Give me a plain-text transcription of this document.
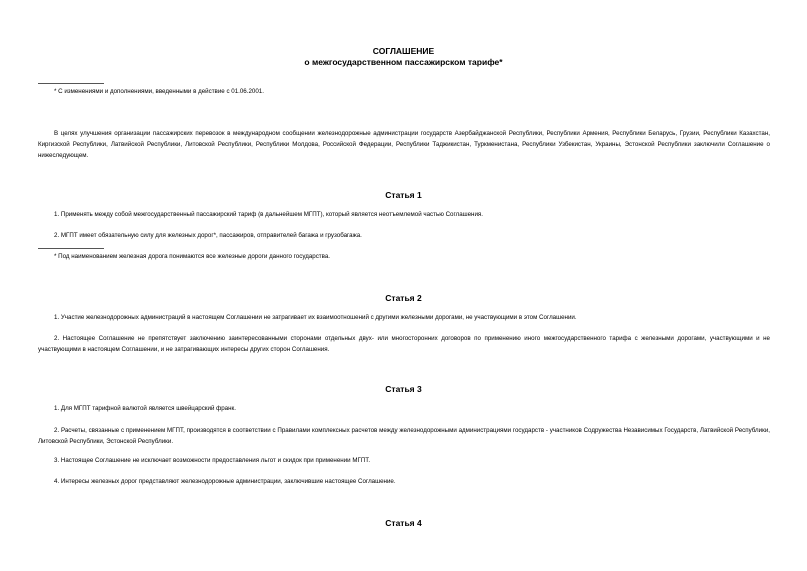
СОГЛАШЕНИЕ
о межгосударственном пассажирском тарифе*
* С изменениями и дополнениями, введенными в действие с 01.06.2001.
В целях улучшения организации пассажирских перевозок в международном сообщении железнодорожные администрации государств Азербайджанской Республики, Республики Армения, Республики Беларусь, Грузии, Республики Казахстан, Киргизской Республики, Латвийской Республики, Литовской Республики, Республики Молдова, Российской Федерации, Республики Таджикистан, Туркменистана, Республики Узбекистан, Украины, Эстонской Республики заключили Соглашение о нижеследующем.
Статья 1
1. Применять между собой межгосударственный пассажирский тариф (в дальнейшем МГПТ), который является неотъемлемой частью Соглашения.
2. МГПТ имеет обязательную силу для железных дорог*, пассажиров, отправителей багажа и грузобагажа.
* Под наименованием железная дорога понимаются все железные дороги данного государства.
Статья 2
1. Участие железнодорожных администраций в настоящем Соглашении не затрагивает их взаимоотношений с другими железными дорогами, не участвующими в этом Соглашении.
2. Настоящее Соглашение не препятствует заключению заинтересованными сторонами отдельных двух- или многосторонних договоров по применению иного межгосударственного тарифа с железными дорогами, участвующими и не участвующими в настоящем Соглашении, и не затрагивающих интересы других сторон Соглашения.
Статья 3
1. Для МГПТ тарифной валютой является швейцарский франк.
2. Расчеты, связанные с применением МГПТ, производятся в соответствии с Правилами комплексных расчетов между железнодорожными администрациями государств - участников Содружества Независимых Государств, Латвийской Республики, Литовской Республики, Эстонской Республики.
3. Настоящее Соглашение не исключает возможности предоставления льгот и скидок при применении МГПТ.
4. Интересы железных дорог представляют железнодорожные администрации, заключившие настоящее Соглашение.
Статья 4
